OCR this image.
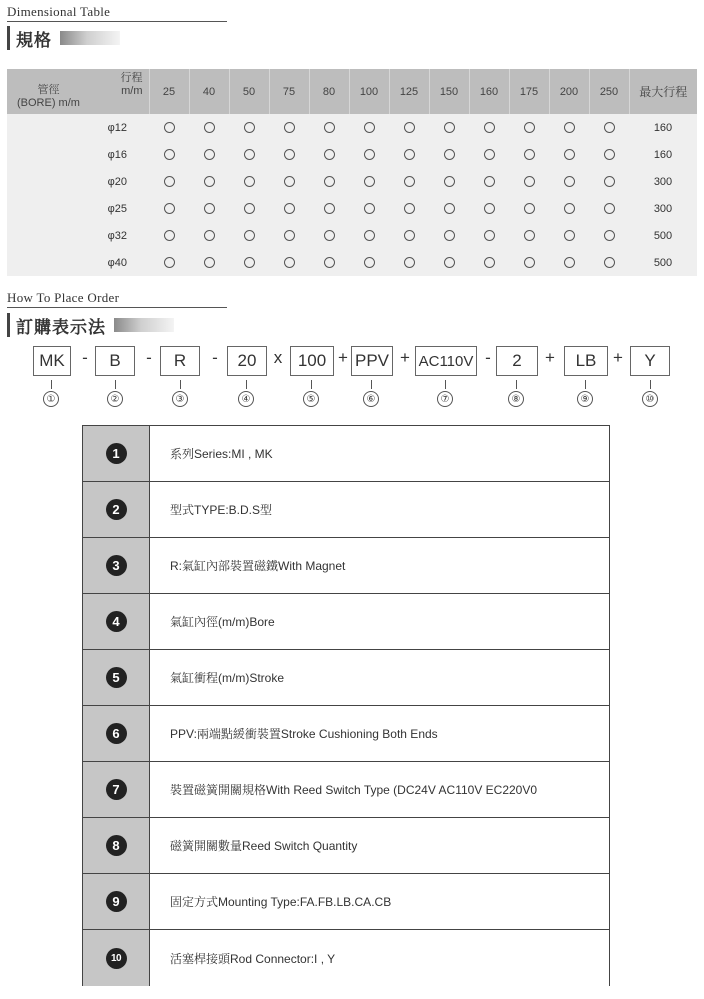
Dimensional Table
規格
行程
m/m
管徑
(BORE) m/m	25	40	50	75	80	100	125	150	160	175	200	250	最大行程
φ12													160
φ16													160
φ20													300
φ25													300
φ32													500
φ40													500
How To Place Order
訂購表示法
MK	-	B	-	R	-	20	x 100 + PPV + AC110V -	2	+	LB +	Y
①	②	③	④	⑤	⑥	⑦	⑧	⑨	⑩
1	系列Series:MI , MK
2	型式TYPE:B.D.S型
3	R:氣缸內部裝置磁鐵With Magnet
4	氣缸內徑(m/m)Bore
5	氣缸衝程(m/m)Stroke
6	PPV:兩端點緩衝裝置Stroke Cushioning Both Ends
7	裝置磁簧開關規格With Reed Switch Type (DC24V AC110V EC220V0
8	磁簧開關數量Reed Switch Quantity
9	固定方式Mounting Type:FA.FB.LB.CA.CB
10	活塞桿接頭Rod Connector:I , Y
